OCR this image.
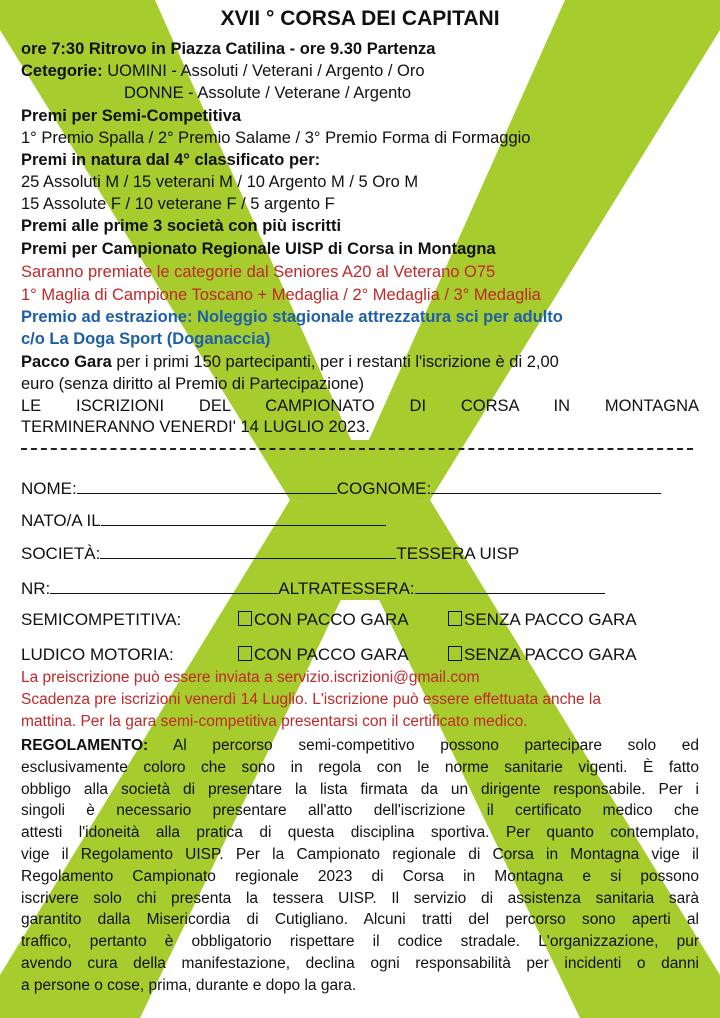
XVII ° CORSA DEI CAPITANI
ore 7:30 Ritrovo in Piazza Catilina - ore 9.30 Partenza
Cetegorie: UOMINI - Assoluti / Veterani / Argento / Oro
DONNE - Assolute / Veterane / Argento
Premi per Semi-Competitiva
1° Premio Spalla / 2° Premio Salame / 3° Premio Forma di Formaggio
Premi in natura dal 4° classificato per:
25 Assoluti M / 15 veterani M / 10 Argento M / 5 Oro M
15 Assolute F / 10 veterane F / 5 argento F
Premi alle prime 3 società con più iscritti
Premi per Campionato Regionale UISP di Corsa in Montagna
Saranno premiate le categorie dal Seniores A20 al Veterano O75
1° Maglia di Campione Toscano + Medaglia / 2° Medaglia / 3° Medaglia
Premio ad estrazione: Noleggio stagionale attrezzatura sci per adulto
c/o La Doga Sport (Doganaccia)
Pacco Gara per i primi 150 partecipanti, per i restanti l'iscrizione è di 2,00
euro (senza diritto al Premio di Partecipazione)
LE ISCRIZIONI DEL CAMPIONATO DI CORSA IN MONTAGNA
TERMINERANNO VENERDI' 14 LUGLIO 2023.
NOME:	COGNOME:
NATO/A IL
SOCIETÀ:	TESSERA UISP
NR:	ALTRATESSERA:
SEMICOMPETITIVA:	CON PACCO GARA	SENZA PACCO GARA
LUDICO MOTORIA:	CON PACCO GARA	SENZA PACCO GARA
La preiscrizione può essere inviata a servizio.iscrizioni@gmail.com
Scadenza pre iscrizioni venerdì 14 Luglio. L'iscrizione può essere effettuata anche la
mattina. Per la gara semi-competitiva presentarsi con il certificato medico.
REGOLAMENTO: Al percorso semi-competitivo possono partecipare solo ed
esclusivamente coloro che sono in regola con le norme sanitarie vigenti. È fatto
obbligo alla società di presentare la lista firmata da un dirigente responsabile. Per i
singoli è necessario presentare all'atto dell'iscrizione il certificato medico che
attesti l'idoneità alla pratica di questa disciplina sportiva. Per quanto contemplato,
vige il Regolamento UISP. Per la Campionato regionale di Corsa in Montagna vige il
Regolamento Campionato regionale 2023 di Corsa in Montagna e si possono
iscrivere solo chi presenta la tessera UISP. Il servizio di assistenza sanitaria sarà
garantito dalla Misericordia di Cutigliano. Alcuni tratti del percorso sono aperti al
traffico, pertanto è obbligatorio rispettare il codice stradale. L'organizzazione, pur
avendo cura della manifestazione, declina ogni responsabilità per incidenti o danni
a persone o cose, prima, durante e dopo la gara.
